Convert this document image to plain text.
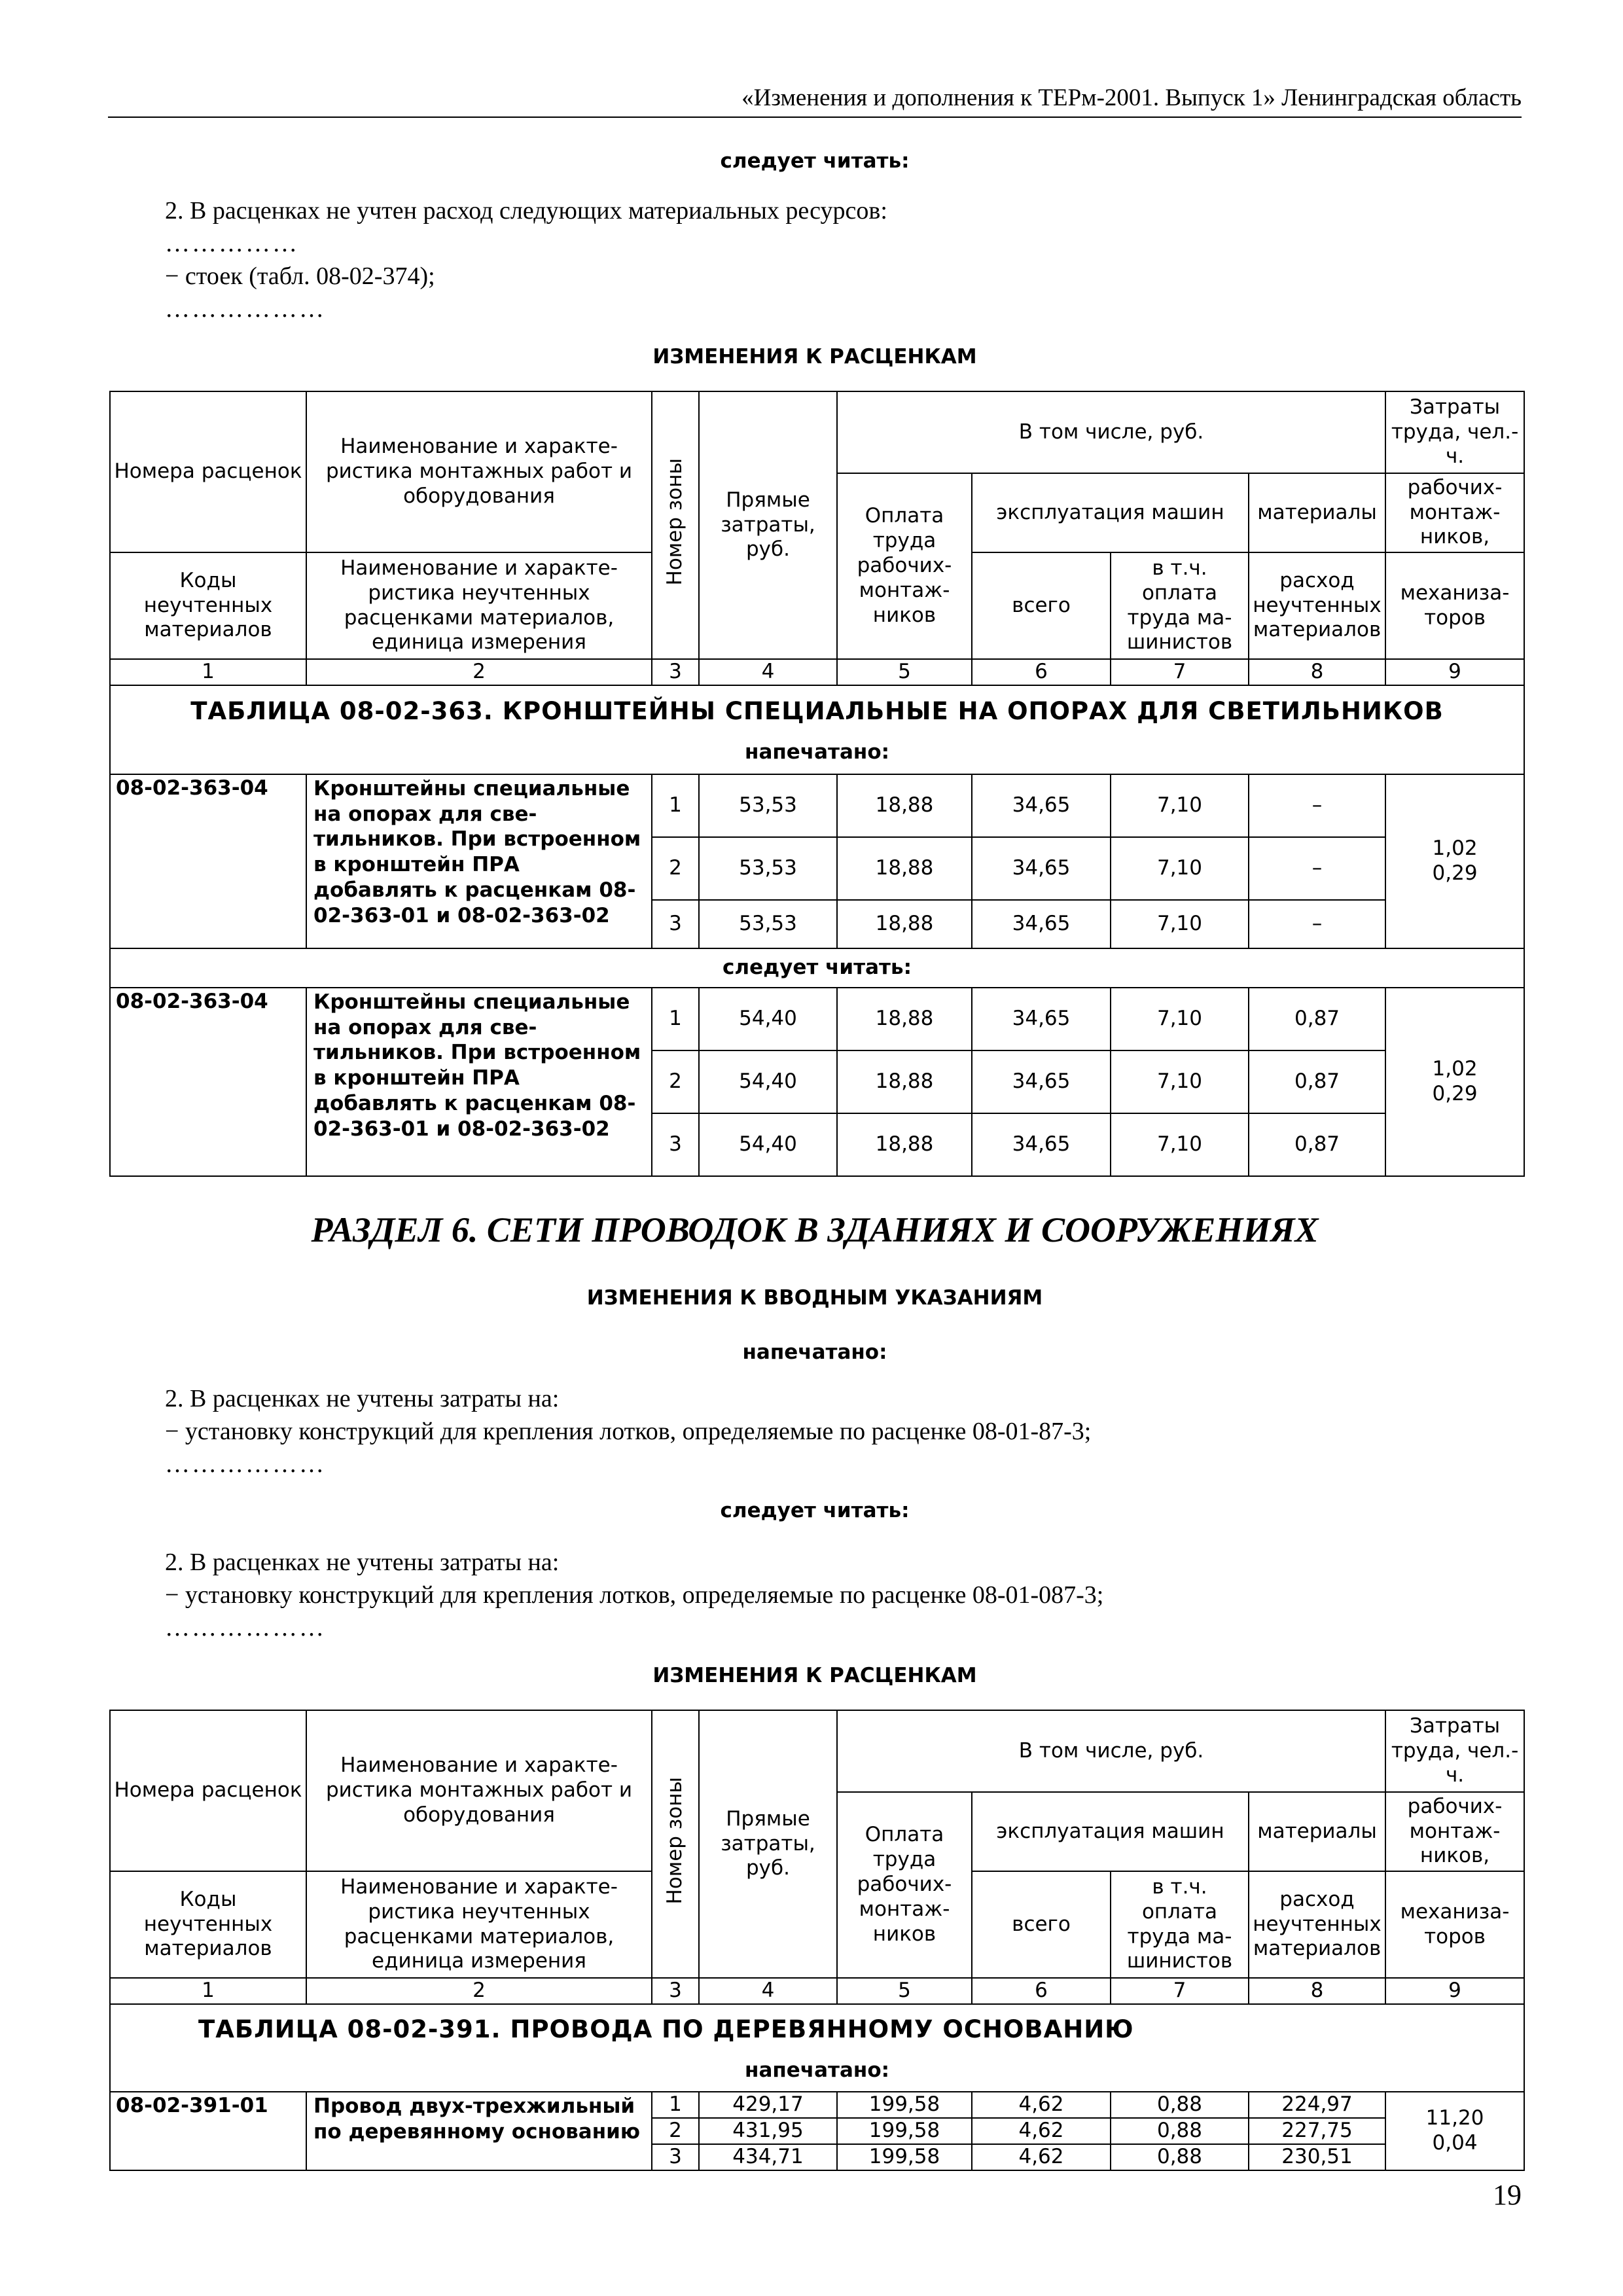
«Изменения и дополнения к ТЕРм-2001. Выпуск 1» Ленинградская область
следует читать:
2. В расценках не учтен расход следующих материальных ресурсов:
……………
− стоек (табл. 08-02-374);
………………
ИЗМЕНЕНИЯ К РАСЦЕНКАМ
Номера расценок	Наименование и характеристика монтажных работ и оборудования	Номер зоны	Прямые затраты, руб.	В том числе, руб.				Затраты труда, чел.-ч.
				Оплата труда рабочих-монтажников	эксплуатация машин		материалы	рабочих-монтажников,
Коды неучтенных материалов	Наименование и характеристика неучтенных расценками материалов, единица измерения				всего	в т.ч. оплата труда машинистов	расход неучтенных материалов	механизаторов

1	2	3	4	5	6	7	8	9

ТАБЛИЦА 08-02-363. КРОНШТЕЙНЫ СПЕЦИАЛЬНЫЕ НА ОПОРАХ ДЛЯ СВЕТИЛЬНИКОВ
напечатано:								

08-02-363-04	Кронштейны специальные на опорах для светильников. При встроенном в кронштейн ПРА добавлять к расценкам 08-02-363-01 и 08-02-363-02	1	53,53	18,88	34,65	7,10	–	1,02
0,29

		2	53,53	18,88	34,65	7,10	–	
		3	53,53	18,88	34,65	7,10	–	
следует читать:								
08-02-363-04	Кронштейны специальные на опорах для светильников. При встроенном в кронштейн ПРА добавлять к расценкам 08-02-363-01 и 08-02-363-02	1	54,40	18,88	34,65	7,10	0,87	1,02
0,29

		2	54,40	18,88	34,65	7,10	0,87	
		3	54,40	18,88	34,65	7,10	0,87	
РАЗДЕЛ 6. СЕТИ ПРОВОДОК В ЗДАНИЯХ И СООРУЖЕНИЯХ
ИЗМЕНЕНИЯ К ВВОДНЫМ УКАЗАНИЯМ
напечатано:
2. В расценках не учтены затраты на:
− установку конструкций для крепления лотков, определяемые по расценке 08-01-87-3;
………………
следует читать:
2. В расценках не учтены затраты на:
− установку конструкций для крепления лотков, определяемые по расценке 08-01-087-3;
………………
ИЗМЕНЕНИЯ К РАСЦЕНКАМ
Номера расценок	Наименование и характеристика монтажных работ и оборудования	Номер зоны	Прямые затраты, руб.	В том числе, руб.				Затраты труда, чел.-ч.
				Оплата труда рабочих-монтажников	эксплуатация машин		материалы	рабочих-монтажников,
Коды неучтенных материалов	Наименование и характеристика неучтенных расценками материалов, единица измерения				всего	в т.ч. оплата труда машинистов	расход неучтенных материалов	механизаторов

1	2	3	4	5	6	7	8	9

ТАБЛИЦА 08-02-391. ПРОВОДА ПО ДЕРЕВЯННОМУ ОСНОВАНИЮ
напечатано:								

08-02-391-01	Провод двух-трехжильный по деревянному основанию	1	429,17	199,58	4,62	0,88	224,97	11,20
0,04

		2	431,95	199,58	4,62	0,88	227,75	
		3	434,71	199,58	4,62	0,88	230,51	
19
